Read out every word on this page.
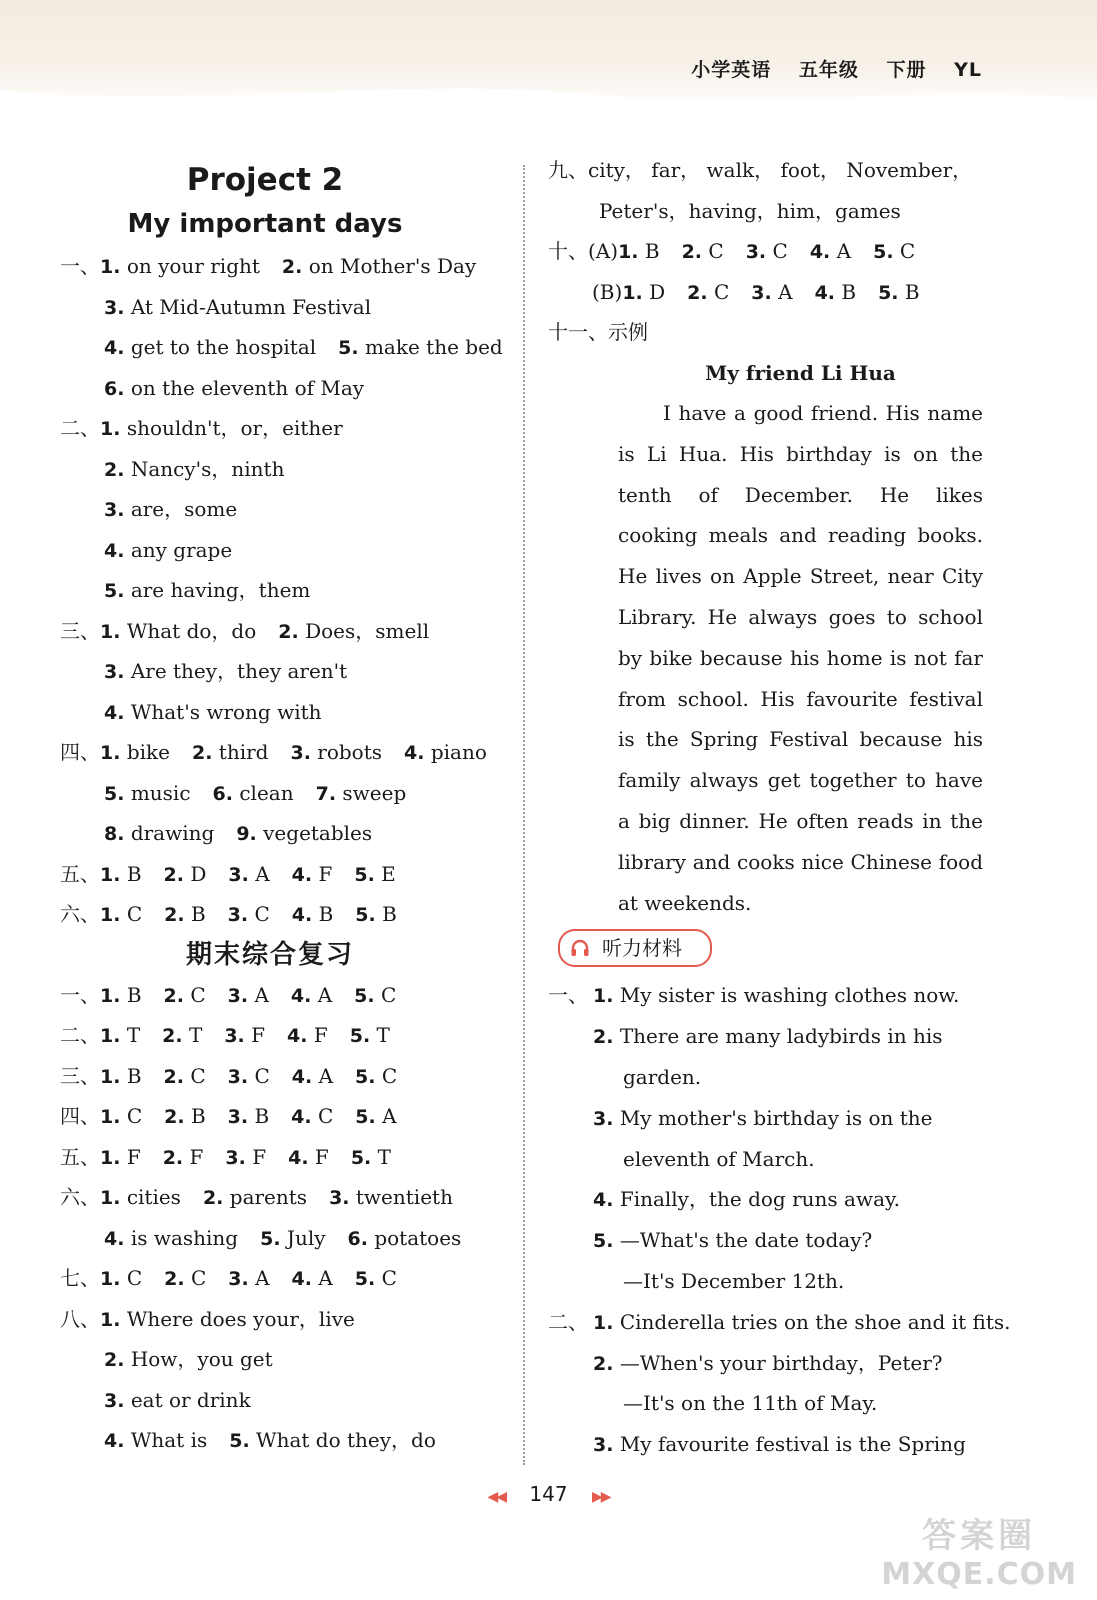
小学英语 五年级 下册 YL
Project 2
My important days
一、1. on your right 2. on Mother's Day
3. At Mid-Autumn Festival
4. get to the hospital 5. make the bed
6. on the eleventh of May
二、1. shouldn't，or，either
2. Nancy's，ninth
3. are，some
4. any grape
5. are having，them
三、1. What do，do 2. Does，smell
3. Are they，they aren't
4. What's wrong with
四、1. bike 2. third 3. robots 4. piano
5. music 6. clean 7. sweep
8. drawing 9. vegetables
五、1. B 2. D 3. A 4. F 5. E
六、1. C 2. B 3. C 4. B 5. B
期末综合复习
一、1. B 2. C 3. A 4. A 5. C
二、1. T 2. T 3. F 4. F 5. T
三、1. B 2. C 3. C 4. A 5. C
四、1. C 2. B 3. B 4. C 5. A
五、1. F 2. F 3. F 4. F 5. T
六、1. cities 2. parents 3. twentieth
4. is washing 5. July 6. potatoes
七、1. C 2. C 3. A 4. A 5. C
八、1. Where does your，live
2. How，you get
3. eat or drink
4. What is 5. What do they，do
九、city， far， walk， foot， November，
Peter's，having，him，games
十、(A)1. B 2. C 3. C 4. A 5. C
(B)1. D 2. C 3. A 4. B 5. B
十一、示例
My friend Li Hua
I have a good friend. His name is Li Hua. His birthday is on the tenth of December. He likes cooking meals and reading books. He lives on Apple Street, near City Library. He always goes to school by bike because his home is not far from school. His favourite festival is the Spring Festival because his family always get together to have a big dinner. He often reads in the library and cooks nice Chinese food at weekends.
听力材料
一、 1. My sister is washing clothes now.
2. There are many ladybirds in his
garden.
3. My mother's birthday is on the
eleventh of March.
4. Finally，the dog runs away.
5. —What's the date today?
—It's December 12th.
二、 1. Cinderella tries on the shoe and it fits.
2. —When's your birthday，Peter?
—It's on the 11th of May.
3. My favourite festival is the Spring
◀◀ 147 ▶▶
答案圈
MXQE.COM
